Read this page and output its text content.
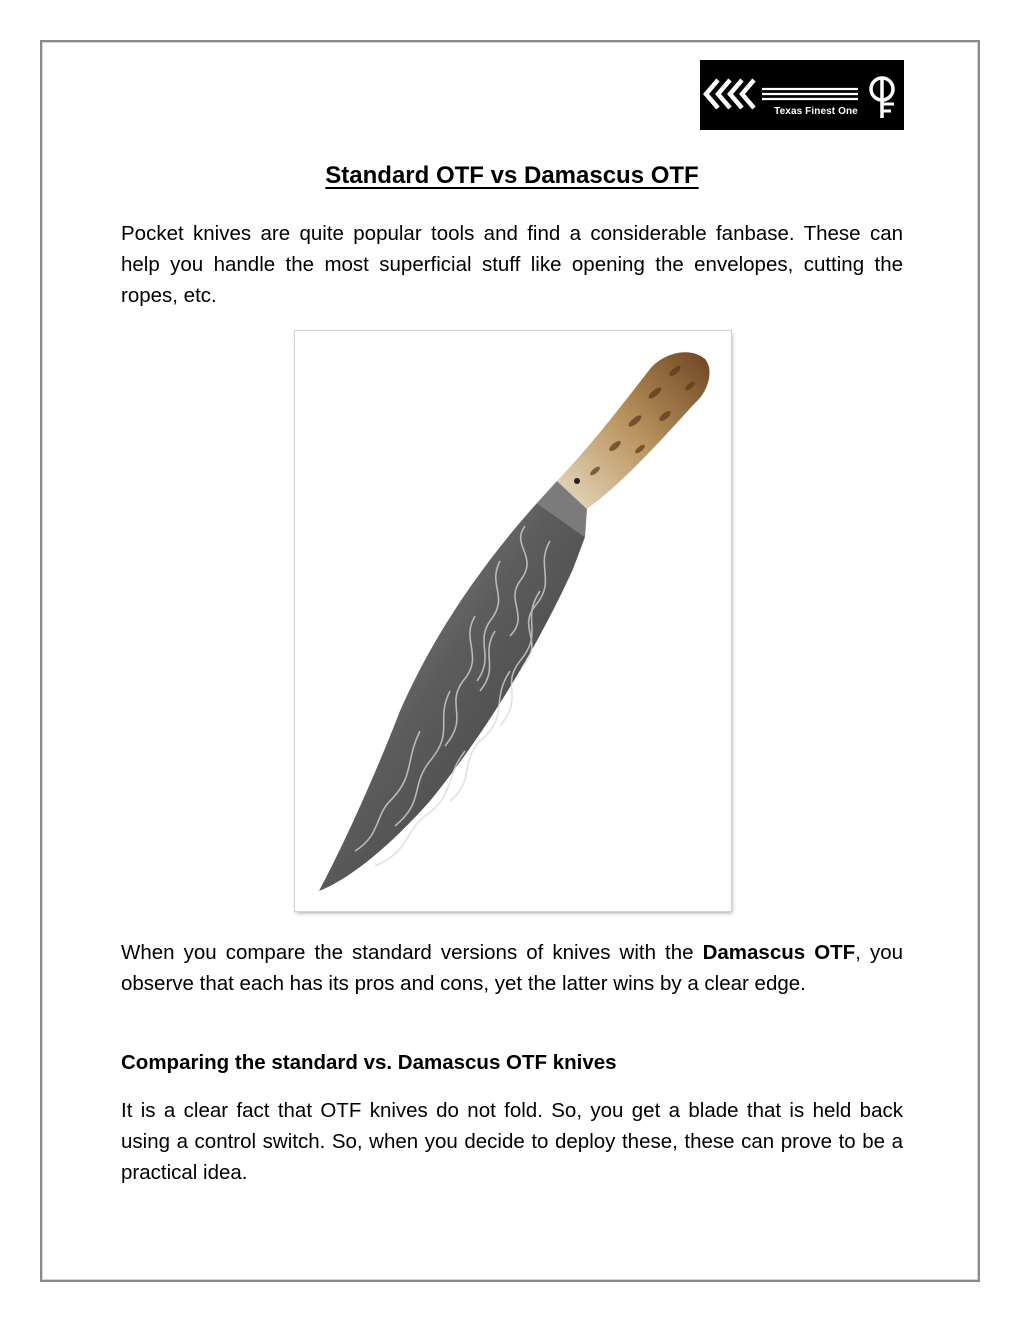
Texas Finest One
Standard OTF vs Damascus OTF

Pocket knives are quite popular tools and find a considerable fanbase. These can help you handle the most superficial stuff like opening the envelopes, cutting the ropes, etc.

When you compare the standard versions of knives with the Damascus OTF, you observe that each has its pros and cons, yet the latter wins by a clear edge.

Comparing the standard vs. Damascus OTF knives

It is a clear fact that OTF knives do not fold. So, you get a blade that is held back using a control switch. So, when you decide to deploy these, these can prove to be a practical idea.
